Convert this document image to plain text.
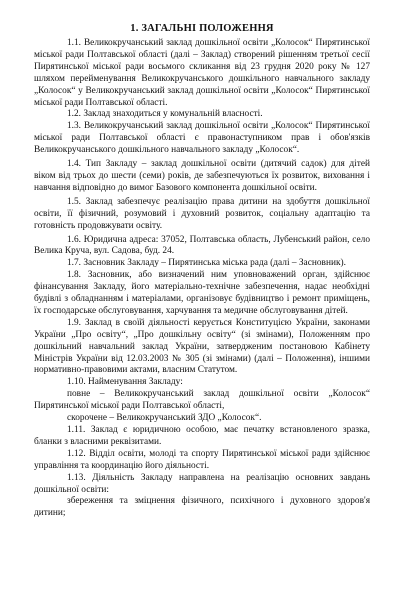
1. ЗАГАЛЬНІ ПОЛОЖЕННЯ

1.1. Великокручанський заклад дошкільної освіти „Колосок“ Пирятинської міської ради Полтавської області (далі – Заклад) створений рішенням третьої сесії Пирятинської міської ради восьмого скликання від 23 грудня 2020 року № 127 шляхом перейменування Великокручанського дошкільного навчального закладу „Колосок“ у Великокручанський заклад дошкільної освіти „Колосок“ Пирятинської міської ради Полтавської області.

1.2. Заклад знаходиться у комунальній власності.

1.3. Великокручанський заклад дошкільної освіти „Колосок“ Пирятинської міської ради Полтавської області є правонаступником прав і обов'язків Великокручанського дошкільного навчального закладу „Колосок“.

1.4. Тип Закладу – заклад дошкільної освіти (дитячий садок) для дітей віком від трьох до шести (семи) років, де забезпечуються їх розвиток, виховання і навчання відповідно до вимог Базового компонента дошкільної освіти.

1.5. Заклад забезпечує реалізацію права дитини на здобуття дошкільної освіти, її фізичний, розумовий і духовний розвиток, соціальну адаптацію та готовність продовжувати освіту.

1.6. Юридична адреса: 37052, Полтавська область, Лубенський район, село Велика Круча, вул. Садова, буд. 24.

1.7. Засновник Закладу – Пирятинська міська рада (далі – Засновник).

1.8. Засновник, або визначений ним уповноважений орган, здійснює фінансування Закладу, його матеріально-технічне забезпечення, надає необхідні будівлі з обладнанням і матеріалами, організовує будівництво і ремонт приміщень, їх господарське обслуговування, харчування та медичне обслуговування дітей.

1.9. Заклад в своїй діяльності керується Конституцією України, законами України „Про освіту“, „Про дошкільну освіту“ (зі змінами), Положенням про дошкільний навчальний заклад України, затвердженим постановою Кабінету Міністрів України від 12.03.2003 № 305 (зі змінами) (далі – Положення), іншими нормативно-правовими актами, власним Статутом.

1.10. Найменування Закладу:

повне – Великокручанський заклад дошкільної освіти „Колосок“ Пирятинської міської ради Полтавської області,

скорочене – Великокручанський ЗДО „Колосок“.

1.11. Заклад є юридичною особою, має печатку встановленого зразка, бланки з власними реквізитами.

1.12. Відділ освіти, молоді та спорту Пирятинської міської ради здійснює управління та координацію його діяльності.

1.13. Діяльність Закладу направлена на реалізацію основних завдань дошкільної освіти:

збереження та зміцнення фізичного, психічного і духовного здоров'я дитини;
